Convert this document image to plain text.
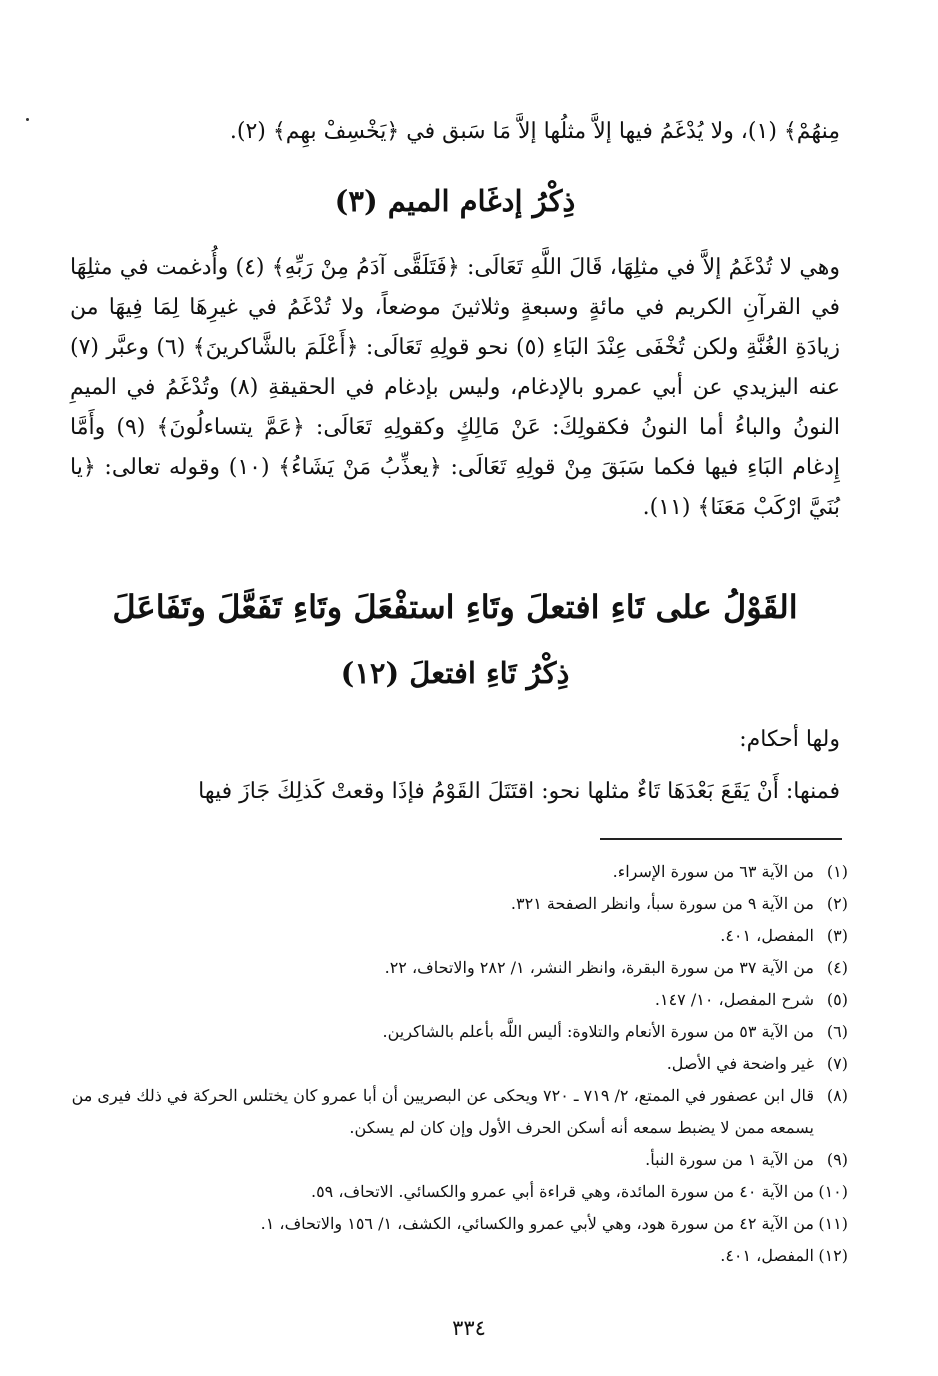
مِنهُمْ﴾ (١)، ولا يُدْغَمُ فيها إلاَّ مثلُها إلاَّ مَا سَبق في ﴿يَخْسِفْ بهِم﴾ (٢).

ذِكْرُ إدغَام الميم (٣)

وهي لا تُدْغَمُ إلاَّ في مثلِهَا، قَالَ اللَّهِ تَعَالَى: ﴿فَتَلَقَّى آدَمُ مِنْ رَبِّهِ﴾ (٤) وأُدغمت في مثلِهَا في القرآنِ الكريم في مائةٍ وسبعةٍ وثلاثينَ موضعاً، ولا تُدْغَمُ في غيرِهَا لِمَا فِيهَا من زيادَةِ الغُنَّةِ ولكن تُخْفَى عِنْدَ البَاءِ (٥) نحو قولِهِ تَعَالَى: ﴿أَعْلَمَ بالشَّاكرينَ﴾ (٦) وعبَّر (٧) عنه اليزيدي عن أبي عمرو بالإدغام، وليس بإدغام في الحقيقةِ (٨) وتُدْغَمُ في الميمِ النونُ والباءُ أما النونُ فكقولِكَ: عَنْ مَالِكٍ وكقولِهِ تَعَالَى: ﴿عَمَّ يتساءلُونَ﴾ (٩) وأَمَّا إِدغام البَاءِ فيها فكما سَبَقَ مِنْ قولِهِ تَعَالَى: ﴿يعذِّبُ مَنْ يَشَاءُ﴾ (١٠) وقوله تعالى: ﴿يا بُنَيَّ ارْكَبْ مَعَنَا﴾ (١١).

القَوْلُ على تَاءِ افتعلَ وتَاءِ استفْعَلَ وتَاءِ تَفَعَّلَ وتَفَاعَلَ
ذِكْرُ تَاءِ افتعلَ (١٢)

ولها أحكام:

فمنها: أَنْ يَقَعَ بَعْدَهَا تَاءٌ مثلها نحو: اقتَتَلَ القَوْمُ فإذَا وقعتْ كَذلِكَ جَازَ فيها

(١)
من الآية ٦٣ من سورة الإسراء.
(٢)
من الآية ٩ من سورة سبأ، وانظر الصفحة ٣٢١.
(٣)
المفصل، ٤٠١.
(٤)
من الآية ٣٧ من سورة البقرة، وانظر النشر، ١/ ٢٨٢ والاتحاف، ٢٢.
(٥)
شرح المفصل، ١٠/ ١٤٧.
(٦)
من الآية ٥٣ من سورة الأنعام والتلاوة: أليس اللَّه بأعلم بالشاكرين.
(٧)
غير واضحة في الأصل.
(٨)
قال ابن عصفور في الممتع، ٢/ ٧١٩ ـ ٧٢٠ ويحكى عن البصريين أن أبا عمرو كان يختلس الحركة في ذلك فيرى من يسمعه ممن لا يضبط سمعه أنه أسكن الحرف الأول وإن كان لم يسكن.
(٩)
من الآية ١ من سورة النبأ.
(١٠)
من الآية ٤٠ من سورة المائدة، وهي قراءة أبي عمرو والكسائي. الاتحاف، ٥٩.
(١١)
من الآية ٤٢ من سورة هود، وهي لأبي عمرو والكسائي، الكشف، ١/ ١٥٦ والاتحاف، ١.
(١٢)
المفصل، ٤٠١.
٣٣٤
